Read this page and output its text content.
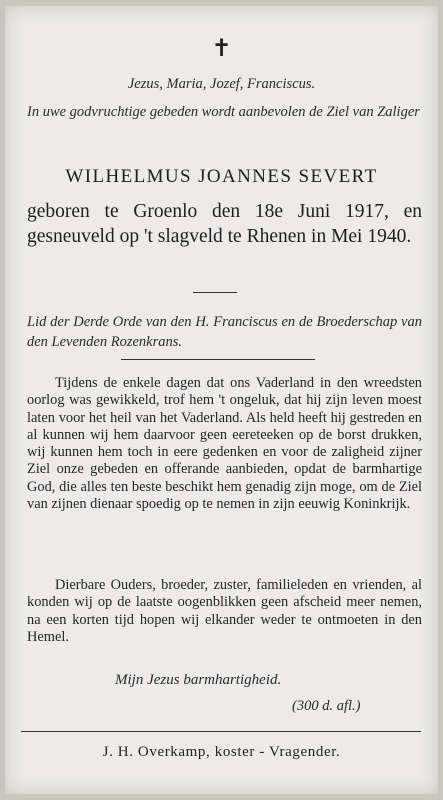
✝
Jezus, Maria, Jozef, Franciscus.
In uwe godvruchtige gebeden wordt aanbevolen de Ziel van Zaliger
WILHELMUS JOANNES SEVERT
geboren te Groenlo den 18e Juni 1917, en gesneuveld op 't slagveld te Rhenen in Mei 1940.
Lid der Derde Orde van den H. Franciscus en de Broederschap van den Levenden Rozenkrans.

Tijdens de enkele dagen dat ons Vaderland in den wreedsten oorlog was gewikkeld, trof hem 't ongeluk, dat hij zijn leven moest laten voor het heil van het Vaderland. Als held heeft hij gestreden en al kunnen wij hem daarvoor geen eereteeken op de borst drukken, wij kunnen hem toch in eere gedenken en voor de zaligheid zijner Ziel onze gebeden en offerande aanbieden, opdat de barmhartige God, die alles ten beste beschikt hem genadig zijn moge, om de Ziel van zijnen dienaar spoedig op te nemen in zijn eeuwig Koninkrijk.

Dierbare Ouders, broeder, zuster, familieleden en vrienden, al konden wij op de laatste oogenblikken geen afscheid meer nemen, na een korten tijd hopen wij elkander weder te ontmoeten in den Hemel.

Mijn Jezus barmhartigheid.
(300 d. afl.)
J. H. Overkamp, koster - Vragender.
